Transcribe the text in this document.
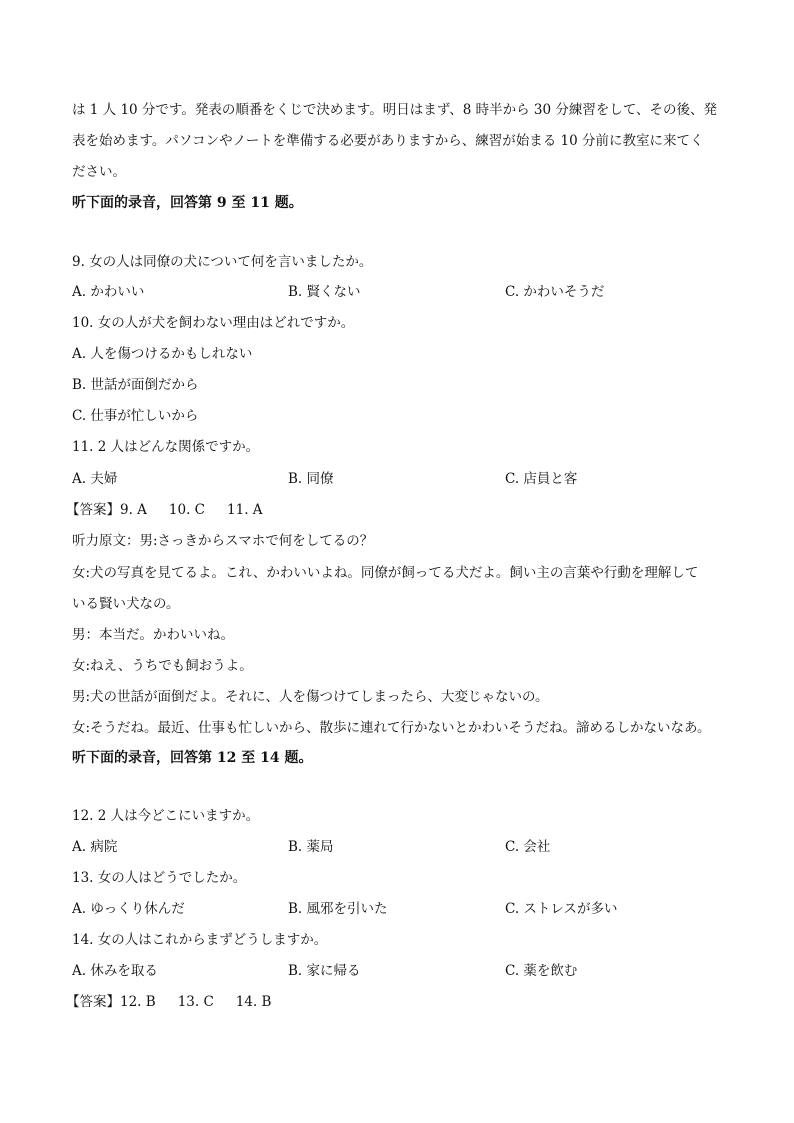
は 1 人 10 分です。発表の順番をくじで決めます。明日はまず、8 時半から 30 分練習をして、その後、発
表を始めます。パソコンやノートを準備する必要がありますから、練習が始まる 10 分前に教室に来てく
ださい。
听下面的录音，回答第 9 至 11 题。
9. 女の人は同僚の犬について何を言いましたか。
A. かわいい	B. 賢くない	C. かわいそうだ
10. 女の人が犬を飼わない理由はどれですか。
A. 人を傷つけるかもしれない
B. 世話が面倒だから
C. 仕事が忙しいから
11. 2 人はどんな関係ですか。
A. 夫婦	B. 同僚	C. 店員と客
【答案】9. A 10. C 11. A
听力原文：男:さっきからスマホで何をしてるの？
女:犬の写真を見てるよ。これ、かわいいよね。同僚が飼ってる犬だよ。飼い主の言葉や行動を理解して
いる賢い犬なの。
男：本当だ。かわいいね。
女:ねえ、うちでも飼おうよ。
男:犬の世話が面倒だよ。それに、人を傷つけてしまったら、大変じゃないの。
女:そうだね。最近、仕事も忙しいから、散歩に連れて行かないとかわいそうだね。諦めるしかないなあ。
听下面的录音，回答第 12 至 14 题。
12. 2 人は今どこにいますか。
A. 病院	B. 薬局	C. 会社
13. 女の人はどうでしたか。
A. ゆっくり休んだ	B. 風邪を引いた	C. ストレスが多い
14. 女の人はこれからまずどうしますか。
A. 休みを取る	B. 家に帰る	C. 薬を飲む
【答案】12. B 13. C 14. B
